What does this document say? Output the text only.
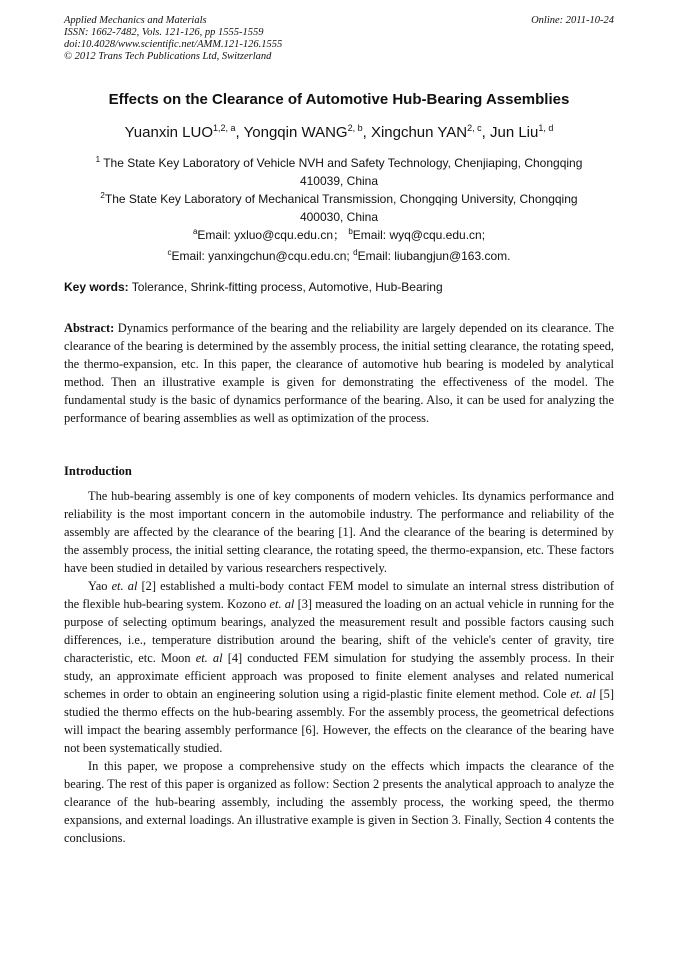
Applied Mechanics and Materials
ISSN: 1662-7482, Vols. 121-126, pp 1555-1559
doi:10.4028/www.scientific.net/AMM.121-126.1555
© 2012 Trans Tech Publications Ltd, Switzerland
Online: 2011-10-24
Effects on the Clearance of Automotive Hub-Bearing Assemblies
Yuanxin LUO$^{1,2, a}$, Yongqin WANG$^{2, b}$, Xingchun YAN$^{2, c}$, Jun Liu$^{1, d}$
$^1$ The State Key Laboratory of Vehicle NVH and Safety Technology, Chenjiaping, Chongqing 410039, China
$^2$The State Key Laboratory of Mechanical Transmission, Chongqing University, Chongqing 400030, China
$^a$Email: yxluo@cqu.edu.cn； $^b$Email: wyq@cqu.edu.cn;
$^c$Email: yanxingchun@cqu.edu.cn; $^d$Email: liubangjun@163.com.
Key words: Tolerance, Shrink-fitting process, Automotive, Hub-Bearing

Abstract: Dynamics performance of the bearing and the reliability are largely depended on its clearance. The clearance of the bearing is determined by the assembly process, the initial setting clearance, the rotating speed, the thermo-expansion, etc. In this paper, the clearance of automotive hub bearing is modeled by analytical method. Then an illustrative example is given for demonstrating the effectiveness of the model. The fundamental study is the basic of dynamics performance of the bearing. Also, it can be used for analyzing the performance of bearing assemblies as well as optimization of the process.

Introduction

The hub-bearing assembly is one of key components of modern vehicles. Its dynamics performance and reliability is the most important concern in the automobile industry. The performance and reliability of the assembly are affected by the clearance of the bearing [1]. And the clearance of the bearing is determined by the assembly process, the initial setting clearance, the rotating speed, the thermo-expansion, etc. These factors have been studied in detailed by various researchers respectively.

Yao et. al [2] established a multi-body contact FEM model to simulate an internal stress distribution of the flexible hub-bearing system. Kozono et. al [3] measured the loading on an actual vehicle in running for the purpose of selecting optimum bearings, analyzed the measurement result and possible factors causing such differences, i.e., temperature distribution around the bearing, shift of the vehicle's center of gravity, tire characteristic, etc. Moon et. al [4] conducted FEM simulation for studying the assembly process. In their study, an approximate efficient approach was proposed to finite element analyses and related numerical schemes in order to obtain an engineering solution using a rigid-plastic finite element method. Cole et. al [5] studied the thermo effects on the hub-bearing assembly. For the assembly process, the geometrical defections will impact the bearing assembly performance [6]. However, the effects on the clearance of the bearing have not been systematically studied.

In this paper, we propose a comprehensive study on the effects which impacts the clearance of the bearing. The rest of this paper is organized as follow: Section 2 presents the analytical approach to analyze the clearance of the hub-bearing assembly, including the assembly process, the working speed, the thermo expansions, and external loadings. An illustrative example is given in Section 3. Finally, Section 4 contents the conclusions.
